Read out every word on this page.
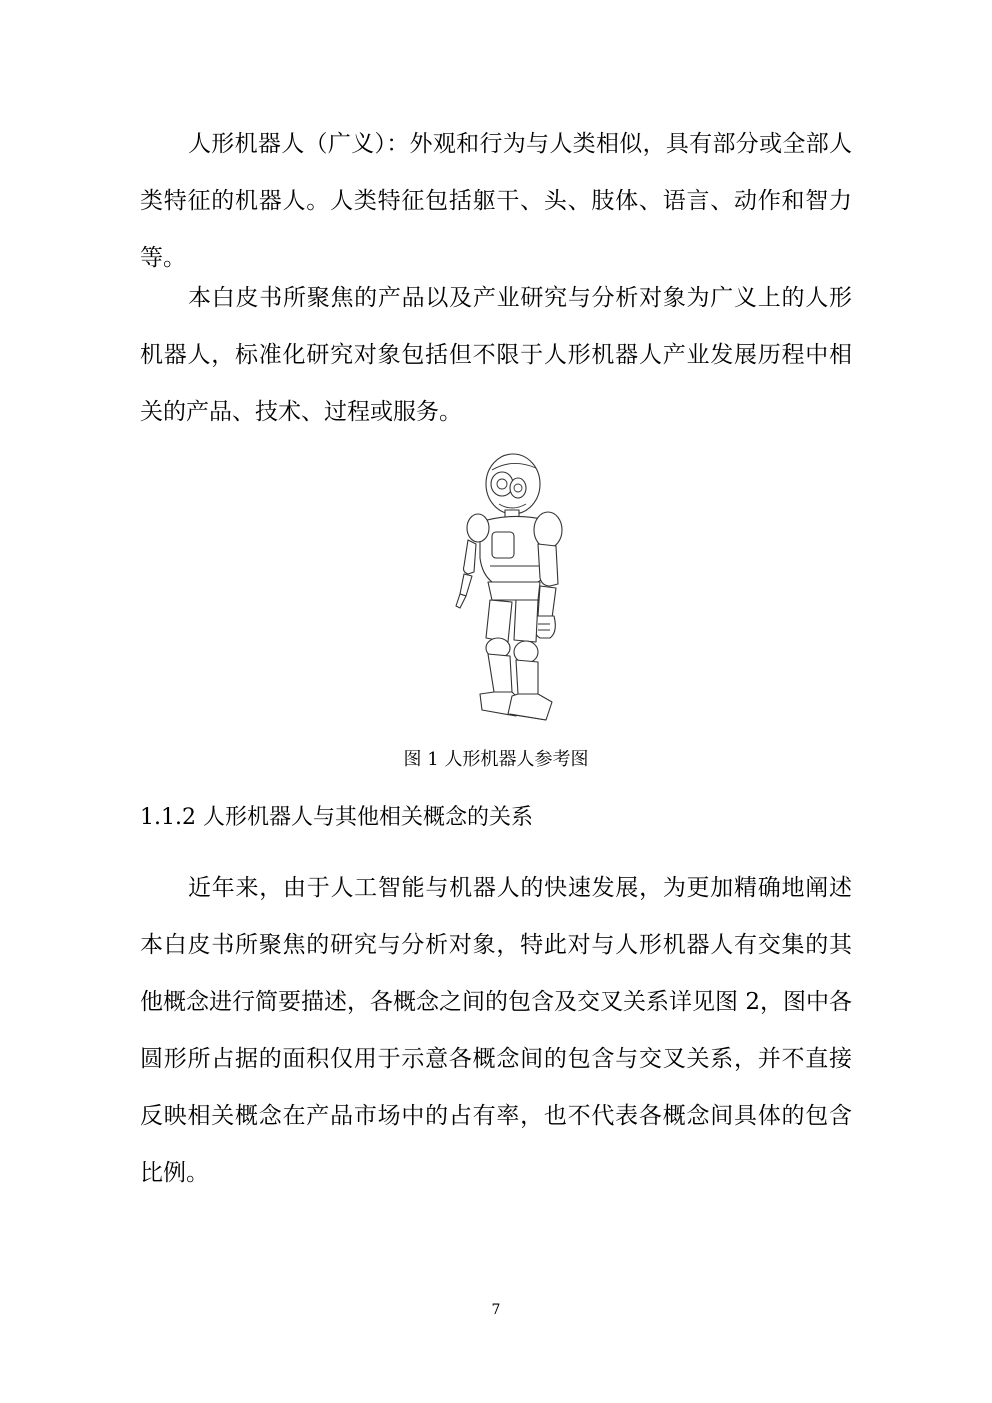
人形机器人（广义）：外观和行为与人类相似，具有部分或全部人类特征的机器人。人类特征包括躯干、头、肢体、语言、动作和智力等。

本白皮书所聚焦的产品以及产业研究与分析对象为广义上的人形机器人，标准化研究对象包括但不限于人形机器人产业发展历程中相关的产品、技术、过程或服务。

图 1 人形机器人参考图
1.1.2 人形机器人与其他相关概念的关系

近年来，由于人工智能与机器人的快速发展，为更加精确地阐述本白皮书所聚焦的研究与分析对象，特此对与人形机器人有交集的其他概念进行简要描述，各概念之间的包含及交叉关系详见图 2，图中各圆形所占据的面积仅用于示意各概念间的包含与交叉关系，并不直接反映相关概念在产品市场中的占有率，也不代表各概念间具体的包含比例。

7
